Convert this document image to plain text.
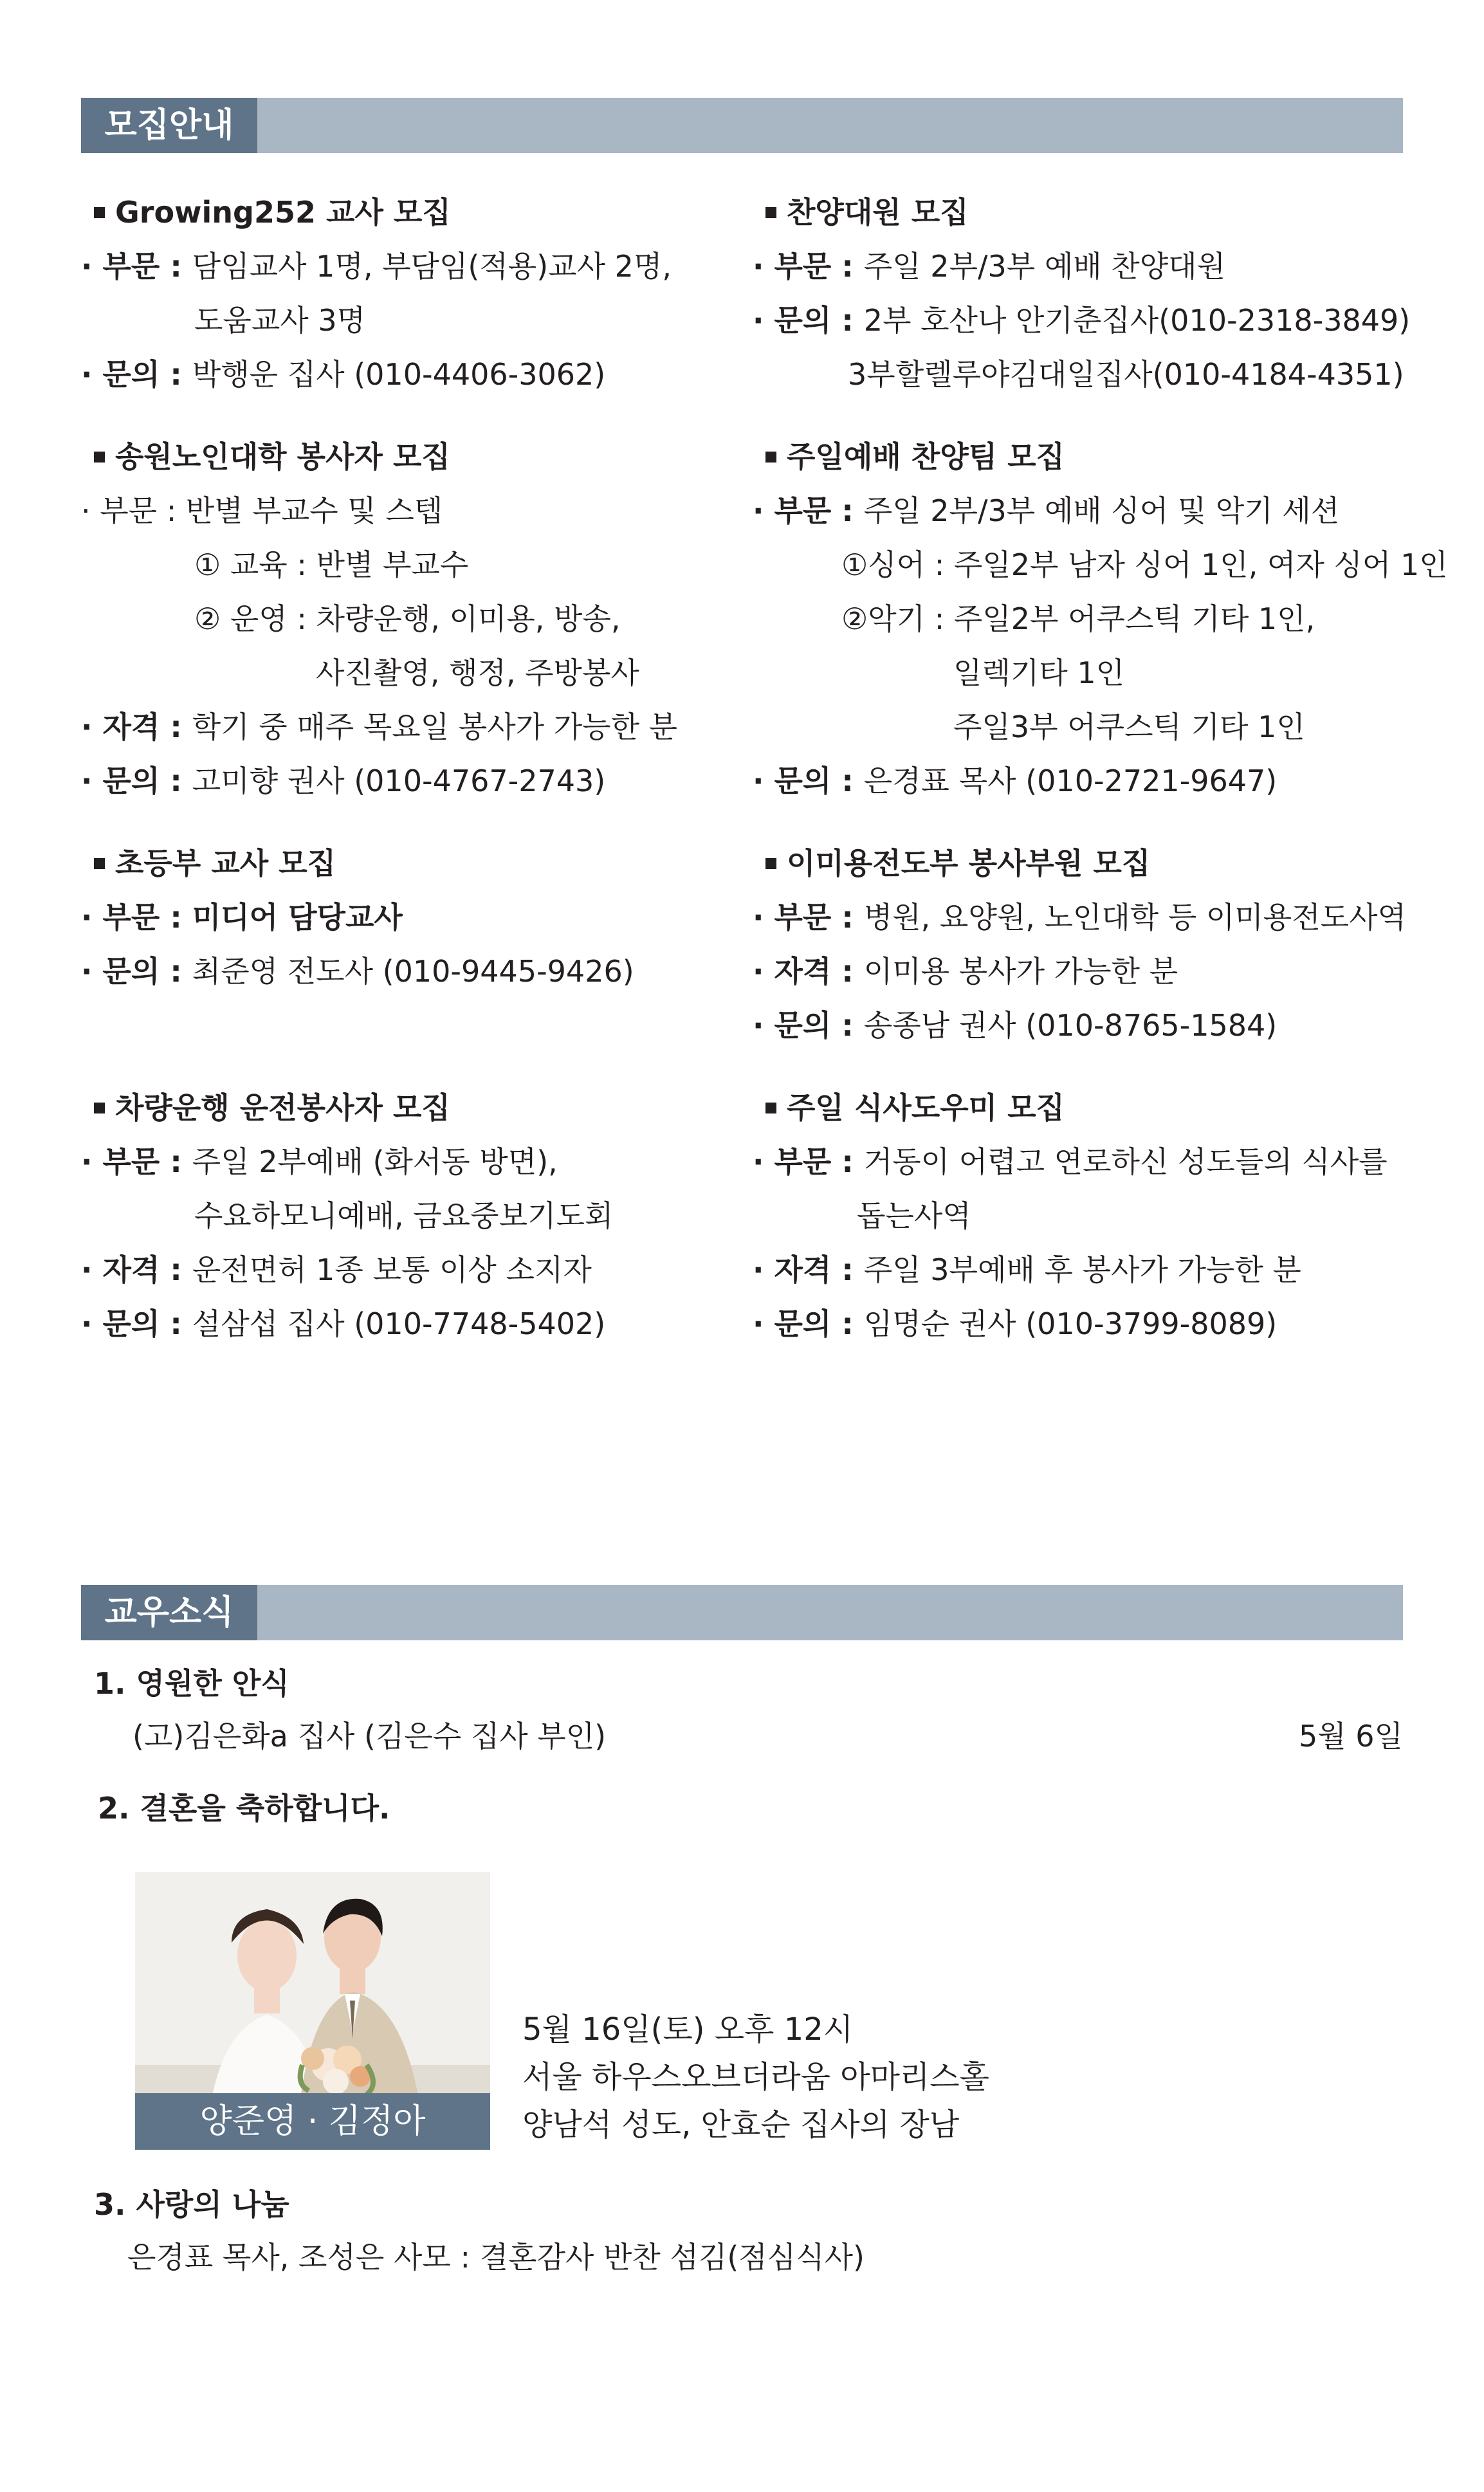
모집안내
Growing252 교사 모집
· 부문 : 담임교사 1명, 부담임(적용)교사 2명,
도움교사 3명
· 문의 : 박행운 집사 (010-4406-3062)
송원노인대학 봉사자 모집
· 부문 : 반별 부교수 및 스텝
① 교육 : 반별 부교수
② 운영 : 차량운행, 이미용, 방송,
사진촬영, 행정, 주방봉사
· 자격 : 학기 중 매주 목요일 봉사가 가능한 분
· 문의 : 고미향 권사 (010-4767-2743)
초등부 교사 모집
· 부문 : 미디어 담당교사
· 문의 : 최준영 전도사 (010-9445-9426)
차량운행 운전봉사자 모집
· 부문 : 주일 2부예배 (화서동 방면),
수요하모니예배, 금요중보기도회
· 자격 : 운전면허 1종 보통 이상 소지자
· 문의 : 설삼섭 집사 (010-7748-5402)
찬양대원 모집
· 부문 : 주일 2부/3부 예배 찬양대원
· 문의 : 2부 호산나 안기춘집사(010-2318-3849)
3부할렐루야김대일집사(010-4184-4351)
주일예배 찬양팀 모집
· 부문 : 주일 2부/3부 예배 싱어 및 악기 세션
①싱어 : 주일2부 남자 싱어 1인, 여자 싱어 1인
②악기 : 주일2부 어쿠스틱 기타 1인,
일렉기타 1인
주일3부 어쿠스틱 기타 1인
· 문의 : 은경표 목사 (010-2721-9647)
이미용전도부 봉사부원 모집
· 부문 : 병원, 요양원, 노인대학 등 이미용전도사역
· 자격 : 이미용 봉사가 가능한 분
· 문의 : 송종남 권사 (010-8765-1584)
주일 식사도우미 모집
· 부문 : 거동이 어렵고 연로하신 성도들의 식사를
돕는사역
· 자격 : 주일 3부예배 후 봉사가 가능한 분
· 문의 : 임명순 권사 (010-3799-8089)
교우소식
1. 영원한 안식
(고)김은화a 집사 (김은수 집사 부인)	5월 6일
2. 결혼을 축하합니다.
양준영 · 김정아
5월 16일(토) 오후 12시
서울 하우스오브더라움 아마리스홀
양남석 성도, 안효순 집사의 장남
3. 사랑의 나눔
은경표 목사, 조성은 사모 : 결혼감사 반찬 섬김(점심식사)
